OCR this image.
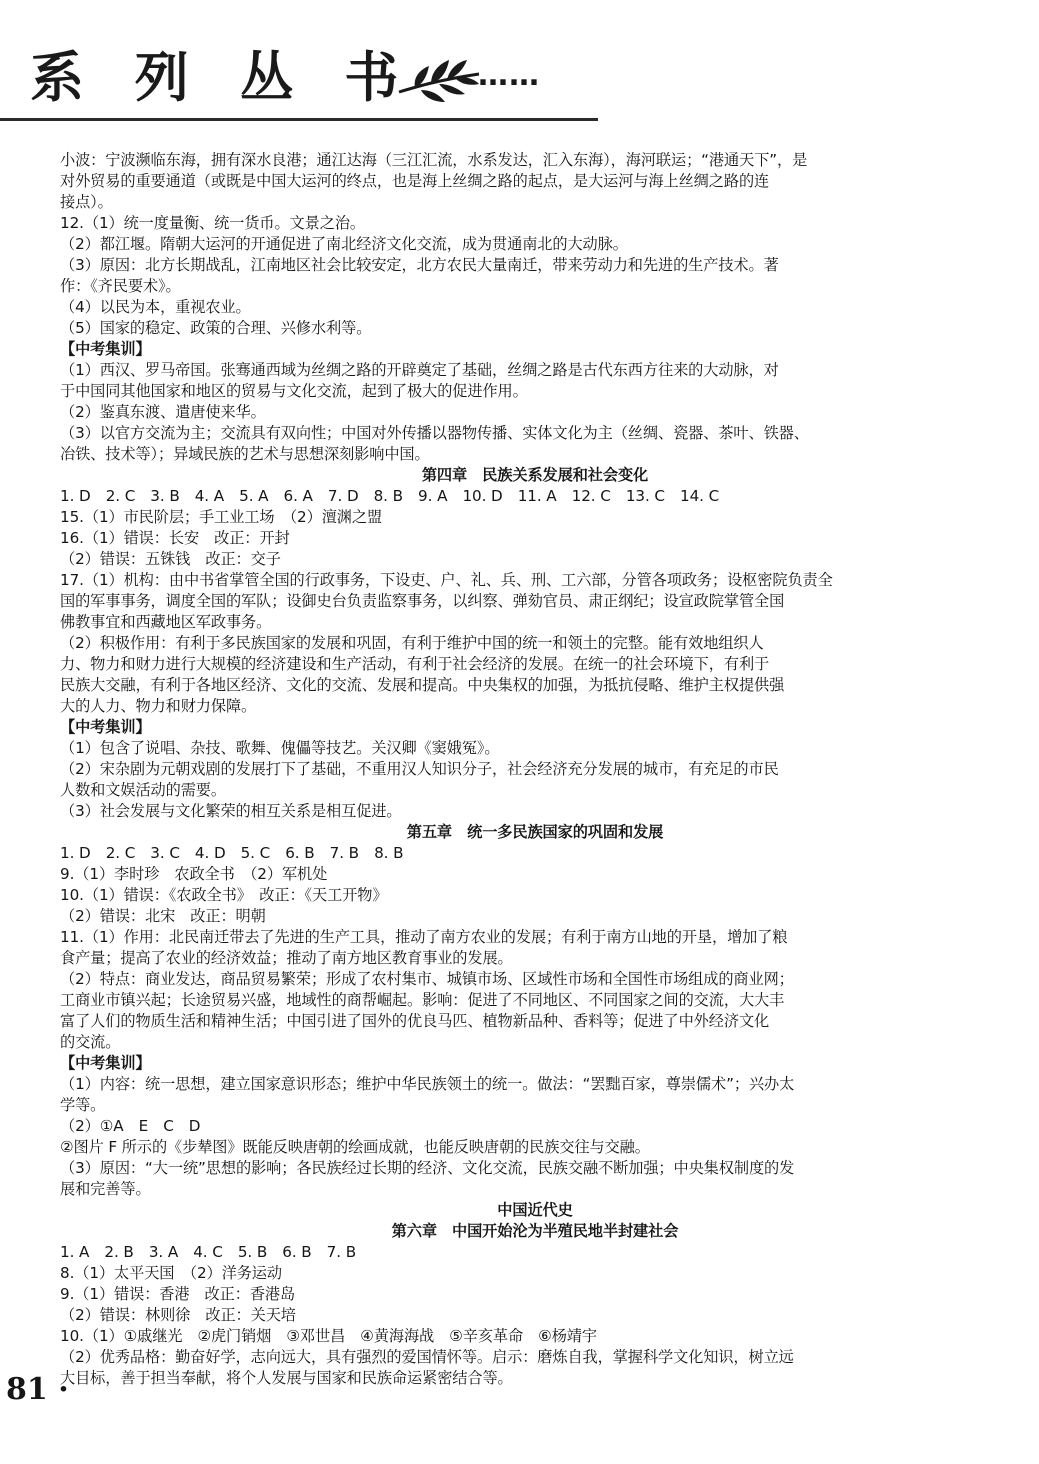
系 列 丛 书 ……
小波：宁波濒临东海，拥有深水良港；通江达海（三江汇流，水系发达，汇入东海），海河联运；“港通天下”，是
对外贸易的重要通道（或既是中国大运河的终点，也是海上丝绸之路的起点，是大运河与海上丝绸之路的连
接点）。
12.（1）统一度量衡、统一货币。文景之治。
（2）都江堰。隋朝大运河的开通促进了南北经济文化交流，成为贯通南北的大动脉。
（3）原因：北方长期战乱，江南地区社会比较安定，北方农民大量南迁，带来劳动力和先进的生产技术。著
作：《齐民要术》。
（4）以民为本，重视农业。
（5）国家的稳定、政策的合理、兴修水利等。
【中考集训】
（1）西汉、罗马帝国。张骞通西域为丝绸之路的开辟奠定了基础，丝绸之路是古代东西方往来的大动脉，对
于中国同其他国家和地区的贸易与文化交流，起到了极大的促进作用。
（2）鉴真东渡、遣唐使来华。
（3）以官方交流为主；交流具有双向性；中国对外传播以器物传播、实体文化为主（丝绸、瓷器、茶叶、铁器、
冶铁、技术等）；异域民族的艺术与思想深刻影响中国。
第四章　民族关系发展和社会变化
1. D　2. C　3. B　4. A　5. A　6. A　7. D　8. B　9. A　10. D　11. A　12. C　13. C　14. C
15.（1）市民阶层；手工业工场　（2）澶渊之盟
16.（1）错误：长安　改正：开封
（2）错误：五铢钱　改正：交子
17.（1）机构：由中书省掌管全国的行政事务，下设吏、户、礼、兵、刑、工六部，分管各项政务；设枢密院负责全
国的军事事务，调度全国的军队；设御史台负责监察事务，以纠察、弹劾官员、肃正纲纪；设宣政院掌管全国
佛教事宜和西藏地区军政事务。
（2）积极作用：有利于多民族国家的发展和巩固，有利于维护中国的统一和领土的完整。能有效地组织人
力、物力和财力进行大规模的经济建设和生产活动，有利于社会经济的发展。在统一的社会环境下，有利于
民族大交融，有利于各地区经济、文化的交流、发展和提高。中央集权的加强，为抵抗侵略、维护主权提供强
大的人力、物力和财力保障。
【中考集训】
（1）包含了说唱、杂技、歌舞、傀儡等技艺。关汉卿《窦娥冤》。
（2）宋杂剧为元朝戏剧的发展打下了基础，不重用汉人知识分子，社会经济充分发展的城市，有充足的市民
人数和文娱活动的需要。
（3）社会发展与文化繁荣的相互关系是相互促进。
第五章　统一多民族国家的巩固和发展
1. D　2. C　3. C　4. D　5. C　6. B　7. B　8. B
9.（1）李时珍　农政全书　（2）军机处
10.（1）错误：《农政全书》　改正：《天工开物》
（2）错误：北宋　改正：明朝
11.（1）作用：北民南迁带去了先进的生产工具，推动了南方农业的发展；有利于南方山地的开垦，增加了粮
食产量；提高了农业的经济效益；推动了南方地区教育事业的发展。
（2）特点：商业发达，商品贸易繁荣；形成了农村集市、城镇市场、区域性市场和全国性市场组成的商业网；
工商业市镇兴起；长途贸易兴盛，地域性的商帮崛起。影响：促进了不同地区、不同国家之间的交流，大大丰
富了人们的物质生活和精神生活；中国引进了国外的优良马匹、植物新品种、香料等；促进了中外经济文化
的交流。
【中考集训】
（1）内容：统一思想，建立国家意识形态；维护中华民族领土的统一。做法：“罢黜百家，尊崇儒术”；兴办太
学等。
（2）①A　E　C　D
②图片 F 所示的《步辇图》既能反映唐朝的绘画成就，也能反映唐朝的民族交往与交融。
（3）原因：“大一统”思想的影响；各民族经过长期的经济、文化交流，民族交融不断加强；中央集权制度的发
展和完善等。
中国近代史
第六章　中国开始沦为半殖民地半封建社会
1. A　2. B　3. A　4. C　5. B　6. B　7. B
8.（1）太平天国　（2）洋务运动
9.（1）错误：香港　改正：香港岛
（2）错误：林则徐　改正：关天培
10.（1）①戚继光　②虎门销烟　③邓世昌　④黄海海战　⑤辛亥革命　⑥杨靖宇
（2）优秀品格：勤奋好学，志向远大，具有强烈的爱国情怀等。启示：磨炼自我，掌握科学文化知识，树立远
大目标，善于担当奉献，将个人发展与国家和民族命运紧密结合等。
81 ·
